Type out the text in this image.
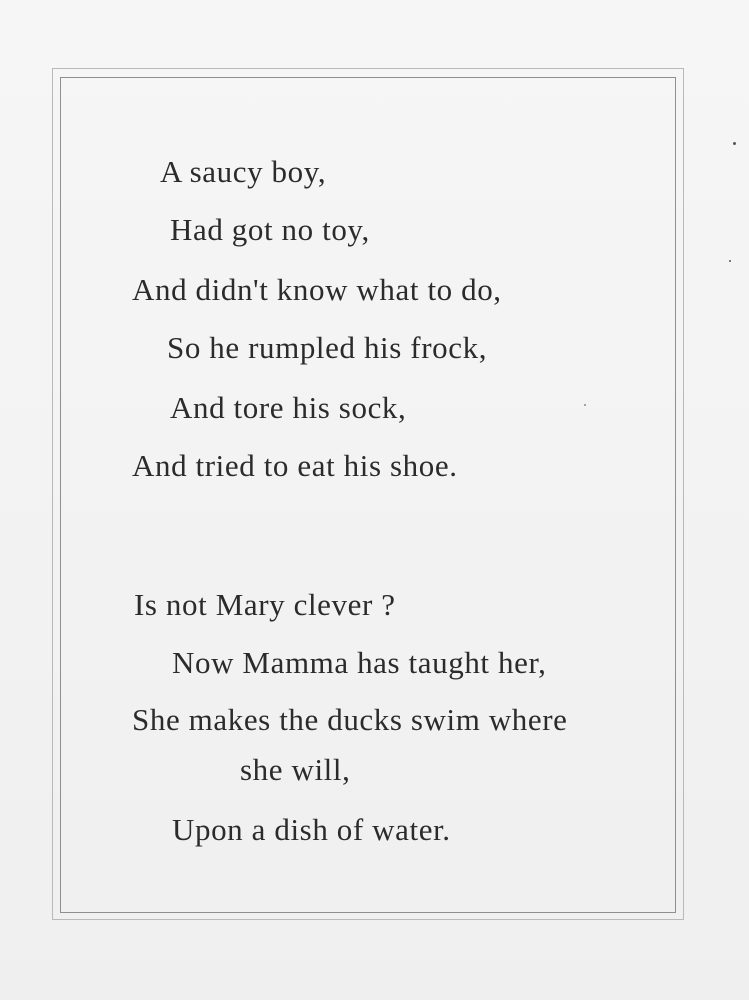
A saucy boy,
Had got no toy,
And didn't know what to do,
So he rumpled his frock,
And tore his sock,
And tried to eat his shoe.
Is not Mary clever ?
Now Mamma has taught her,
She makes the ducks swim where
she will,
Upon a dish of water.
